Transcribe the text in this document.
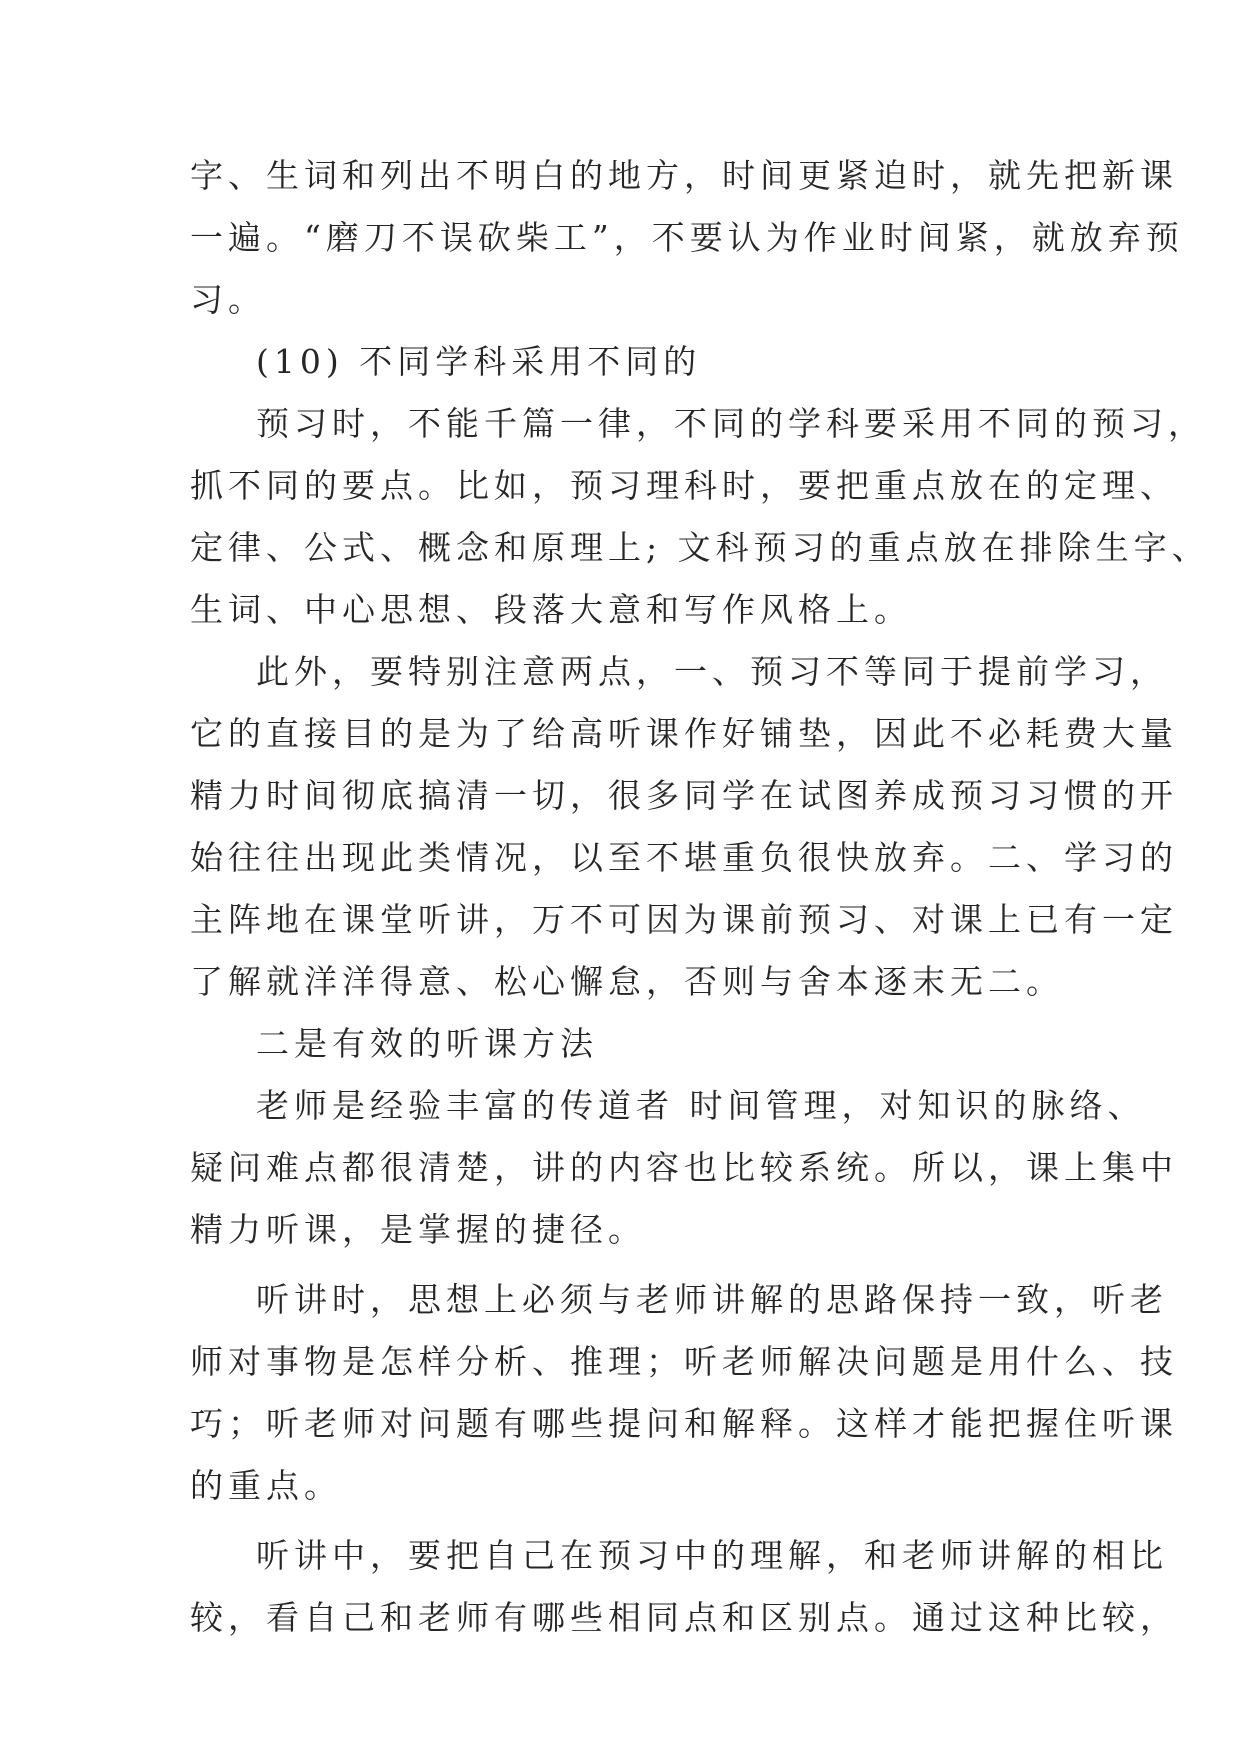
字、生词和列出不明白的地方，时间更紧迫时，就先把新课

一遍。“磨刀不误砍柴工”，不要认为作业时间紧，就放弃预

习。

(10) 不同学科采用不同的

预习时，不能千篇一律，不同的学科要采用不同的预习，

抓不同的要点。比如，预习理科时，要把重点放在的定理、

定律、公式、概念和原理上; 文科预习的重点放在排除生字、

生词、中心思想、段落大意和写作风格上。

此外，要特别注意两点，一、预习不等同于提前学习，

它的直接目的是为了给高听课作好铺垫，因此不必耗费大量

精力时间彻底搞清一切，很多同学在试图养成预习习惯的开

始往往出现此类情况，以至不堪重负很快放弃。二、学习的

主阵地在课堂听讲，万不可因为课前预习、对课上已有一定

了解就洋洋得意、松心懈怠，否则与舍本逐末无二。

二是有效的听课方法

老师是经验丰富的传道者 时间管理，对知识的脉络、

疑问难点都很清楚，讲的内容也比较系统。所以，课上集中

精力听课，是掌握的捷径。

听讲时，思想上必须与老师讲解的思路保持一致，听老

师对事物是怎样分析、推理；听老师解决问题是用什么、技

巧；听老师对问题有哪些提问和解释。这样才能把握住听课

的重点。

听讲中，要把自己在预习中的理解，和老师讲解的相比

较，看自己和老师有哪些相同点和区别点。通过这种比较，
